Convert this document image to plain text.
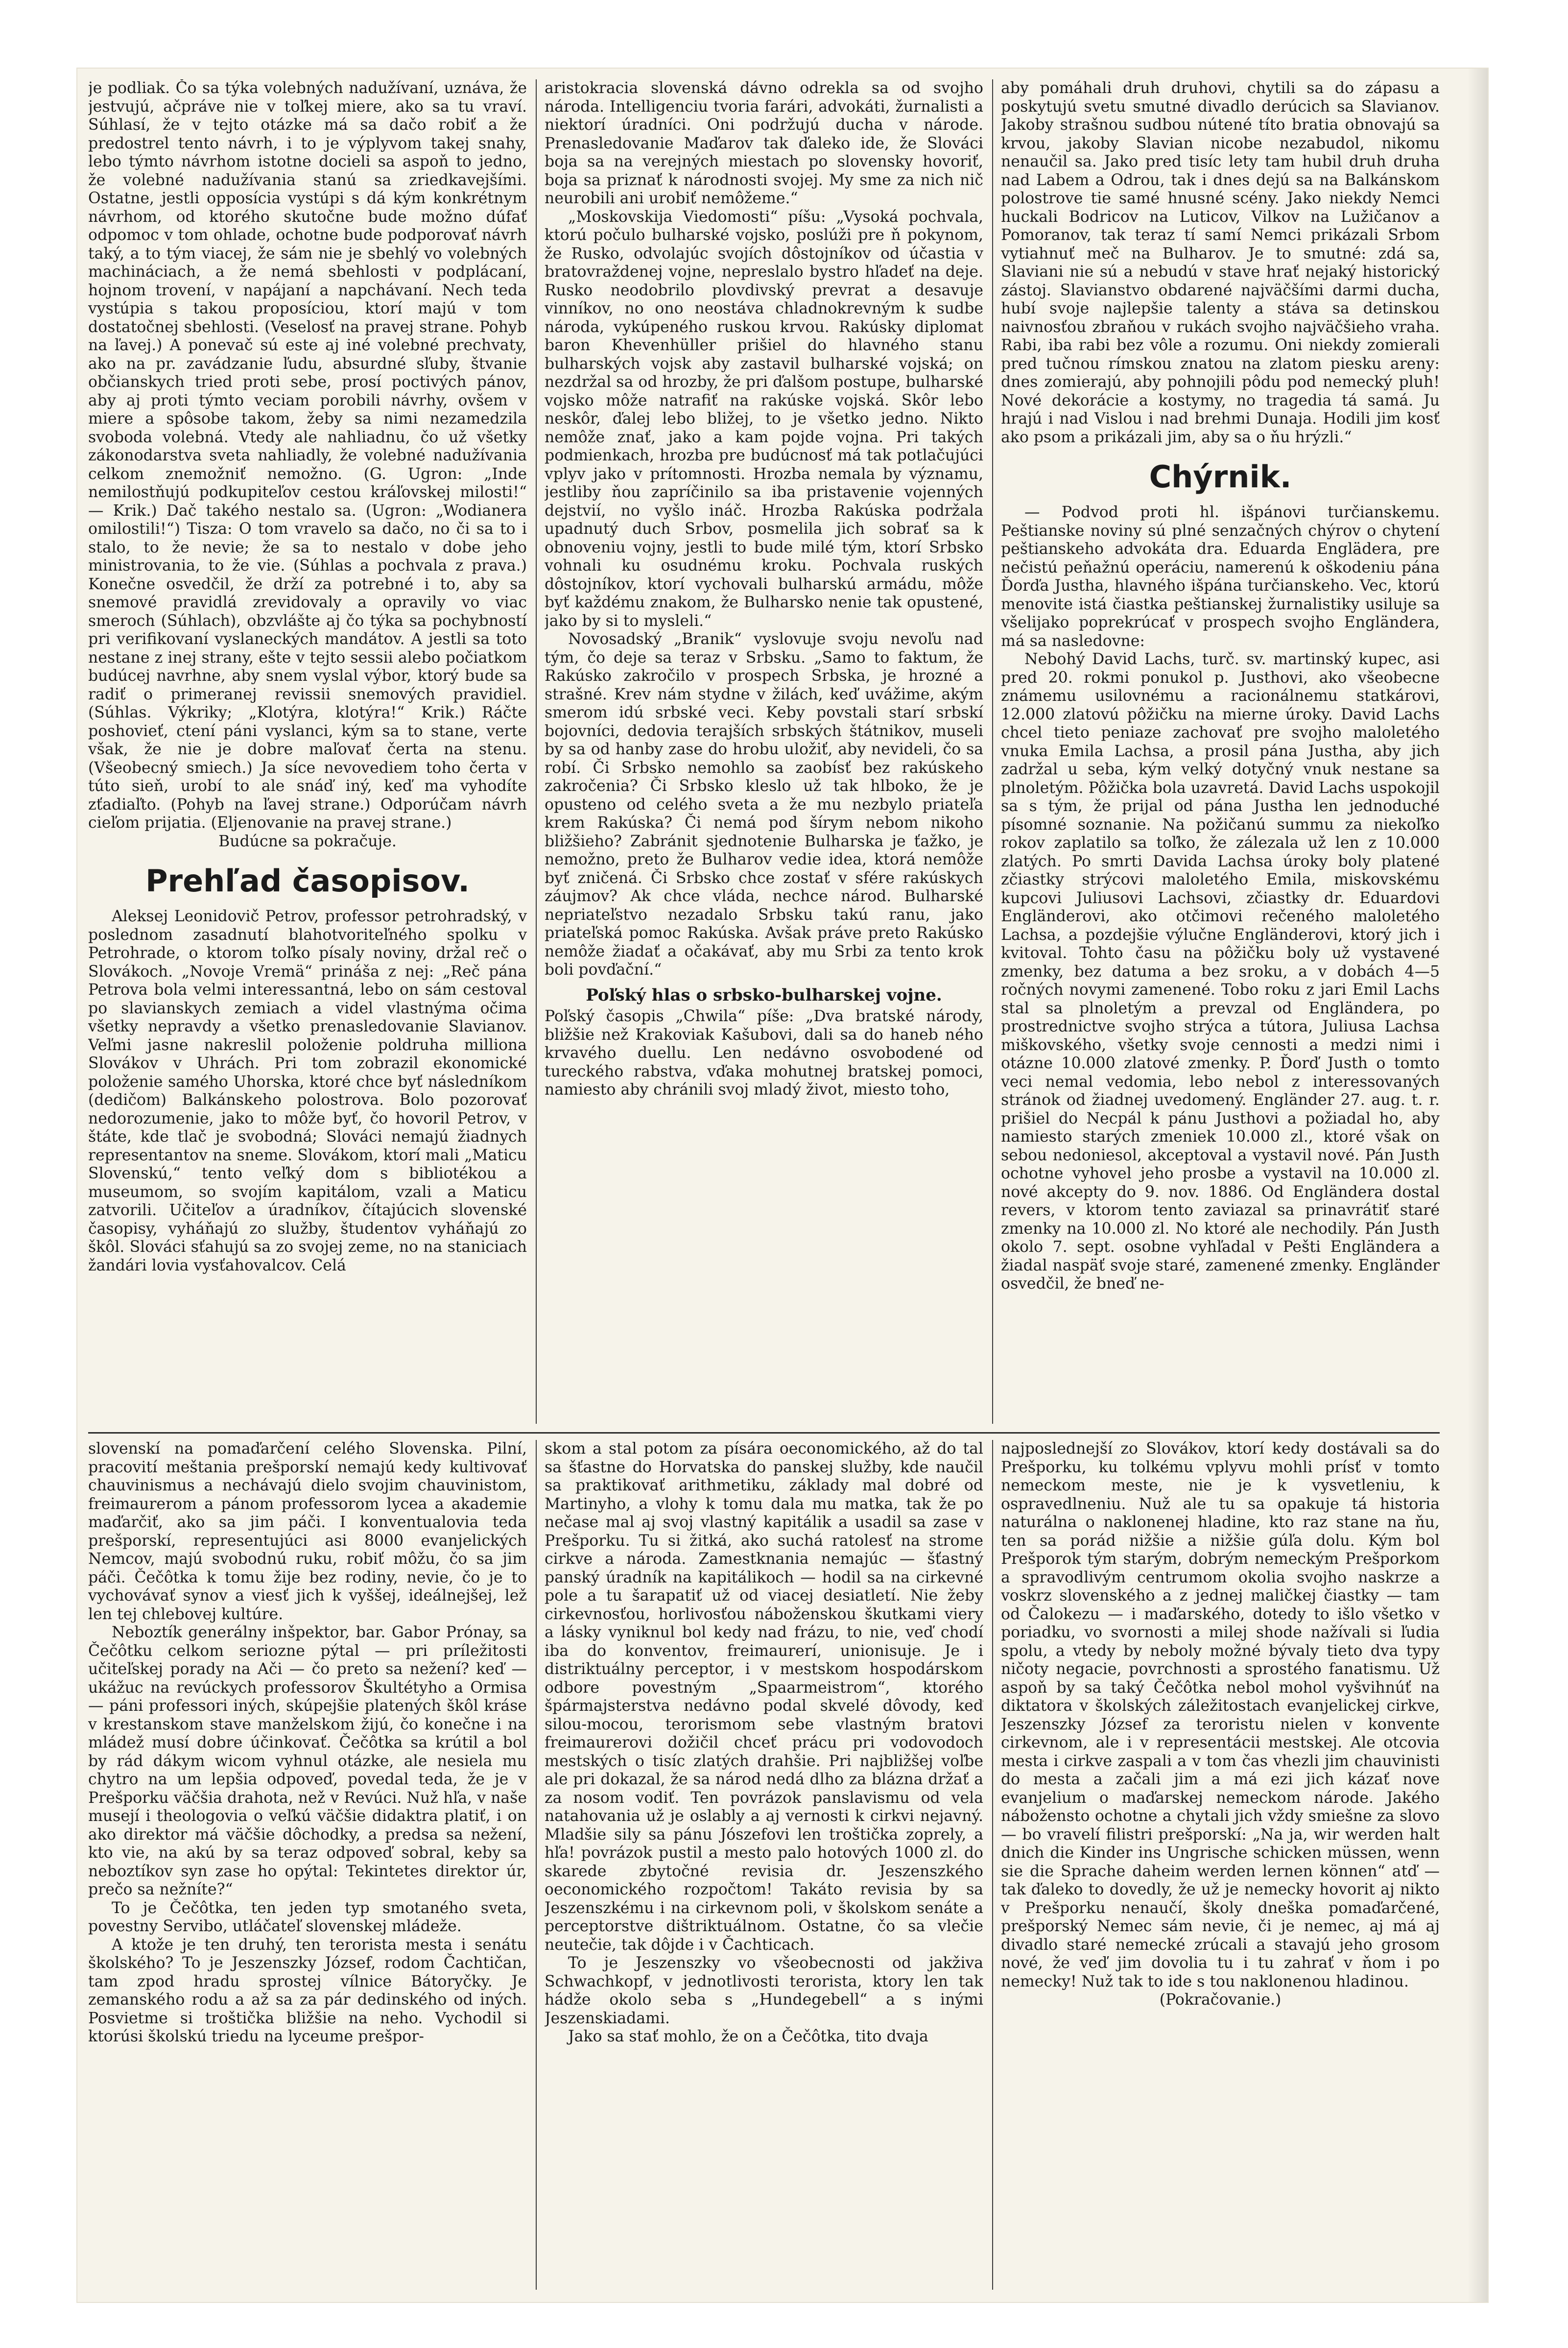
je podliak. Čo sa týka volebných nadužívaní, uznáva, že jestvujú, ačpráve nie v toľkej miere, ako sa tu vraví. Súhlasí, že v tejto otázke má sa dačo robiť a že predostrel tento návrh, i to je výplyvom takej snahy, lebo týmto návrhom istotne docieli sa aspoň to jedno, že volebné nadužívania stanú sa zriedkavejšími. Ostatne, jestli opposícia vystúpi s dá kým konkrétnym návrhom, od ktorého skutočne bude možno dúfať odpomoc v tom ohlade, ochotne bude podporovať návrh taký, a to tým viacej, že sám nie je sbehlý vo volebných machináciach, a že nemá sbehlosti v podplácaní, hojnom trovení, v napájaní a napchávaní. Nech teda vystúpia s takou proposíciou, ktorí majú v tom dostatočnej sbehlosti. (Veselosť na pravej strane. Pohyb na ľavej.) A ponevač sú este aj iné volebné prechvaty, ako na pr. zavádzanie ľudu, absurdné sľuby, štvanie občianskych tried proti sebe, prosí poctivých pánov, aby aj proti týmto veciam porobili návrhy, ovšem v miere a spôsobe takom, žeby sa nimi nezamedzila svoboda volebná. Vtedy ale nahliadnu, čo už všetky zákonodarstva sveta nahliadly, že volebné nadužívania celkom znemožniť nemožno. (G. Ugron: „Inde nemilostňujú podkupiteľov cestou kráľovskej milosti!“ — Krik.) Dač takého nestalo sa. (Ugron: „Wodianera omilostili!“) Tisza: O tom vravelo sa dačo, no či sa to i stalo, to že nevie; že sa to nestalo v dobe jeho ministrovania, to že vie. (Súhlas a pochvala z prava.) Konečne osvedčil, že drží za potrebné i to, aby sa snemové pravidlá zrevidovaly a opravily vo viac smeroch (Súhlach), obzvlášte aj čo týka sa pochybností pri verifikovaní vyslaneckých mandátov. A jestli sa toto nestane z inej strany, ešte v tejto sessii alebo počiatkom budúcej navrhne, aby snem vyslal výbor, ktorý bude sa radiť o primeranej revissii snemových pravidiel. (Súhlas. Výkriky; „Klotýra, klotýra!“ Krik.) Ráčte poshovieť, ctení páni vyslanci, kým sa to stane, verte však, že nie je dobre maľovať čerta na stenu. (Všeobecný smiech.) Ja síce nevovediem toho čerta v túto sieň, urobí to ale snáď iný, keď ma vyhodíte zťadiaľto. (Pohyb na ľavej strane.) Odporúčam návrh cieľom prijatia. (Eljenovanie na pravej strane.)

Budúcne sa pokračuje.

Prehľad časopisov.

Aleksej Leonidovič Petrov, professor petrohradský, v poslednom zasadnutí blahotvoriteľného spolku v Petrohrade, o ktorom toľko písaly noviny, držal reč o Slovákoch. „Novoje Vremä“ prináša z nej: „Reč pána Petrova bola velmi interessantná, lebo on sám cestoval po slavianskych zemiach a videl vlastnýma očima všetky nepravdy a všetko prenasledovanie Slavianov. Veľmi jasne nakreslil položenie poldruha milliona Slovákov v Uhrách. Pri tom zobrazil ekonomické položenie samého Uhorska, ktoré chce byť následníkom (dedičom) Balkánskeho polostrova. Bolo pozorovať nedorozumenie, jako to môže byť, čo hovoril Petrov, v štáte, kde tlač je svobodná; Slováci nemajú žiadnych representantov na sneme. Slovákom, ktorí mali „Maticu Slovenskú,“ tento veľký dom s bibliotékou a museumom, so svojím kapitálom, vzali a Maticu zatvorili. Učiteľov a úradníkov, čítajúcich slovenské časopisy, vyháňajú zo služby, študentov vyháňajú zo škôl. Slováci sťahujú sa zo svojej zeme, no na staniciach žandári lovia vysťahovalcov. Celá

aristokracia slovenská dávno odrekla sa od svojho národa. Intelligenciu tvoria farári, advokáti, žurnalisti a niektorí úradníci. Oni podržujú ducha v národe. Prenasledovanie Maďarov tak ďaleko ide, že Slováci boja sa na verejných miestach po slovensky hovoriť, boja sa priznať k národnosti svojej. My sme za nich nič neurobili ani urobiť nemôžeme.“

„Moskovskija Viedomosti“ píšu: „Vysoká pochvala, ktorú počulo bulharské vojsko, poslúži pre ň pokynom, že Rusko, odvolajúc svojích dôstojníkov od účastia v bratovraždenej vojne, nepreslalo bystro hľadeť na deje. Rusko neodobrilo plovdivský prevrat a desavuje vinníkov, no ono neostáva chladnokrevným k sudbe národa, vykúpeného ruskou krvou. Rakúsky diplomat baron Khevenhüller prišiel do hlavného stanu bulharských vojsk aby zastavil bulharské vojská; on nezdržal sa od hrozby, že pri ďalšom postupe, bulharské vojsko môže natrafiť na rakúske vojská. Skôr lebo neskôr, ďalej lebo bližej, to je všetko jedno. Nikto nemôže znať, jako a kam pojde vojna. Pri takých podmienkach, hrozba pre budúcnosť má tak potlačujúci vplyv jako v prítomnosti. Hrozba nemala by významu, jestliby ňou zapríčinilo sa iba pristavenie vojenných dejstvií, no vyšlo ináč. Hrozba Rakúska podržala upadnutý duch Srbov, posmelila jich sobrať sa k obnoveniu vojny, jestli to bude milé tým, ktorí Srbsko vohnali ku osudnému kroku. Pochvala ruských dôstojníkov, ktorí vychovali bulharskú armádu, môže byť každému znakom, že Bulharsko nenie tak opustené, jako by si to mysleli.“

Novosadský „Branik“ vyslovuje svoju nevoľu nad tým, čo deje sa teraz v Srbsku. „Samo to faktum, že Rakúsko zakročilo v prospech Srbska, je hrozné a strašné. Krev nám stydne v žilách, keď uvážime, akým smerom idú srbské veci. Keby povstali starí srbskí bojovníci, dedovia terajších srbských štátnikov, museli by sa od hanby zase do hrobu uložiť, aby nevideli, čo sa robí. Či Srbsko nemohlo sa zaobísť bez rakúskeho zakročenia? Či Srbsko kleslo už tak hlboko, že je opusteno od celého sveta a že mu nezbylo priateľa krem Rakúska? Či nemá pod šírym nebom nikoho bližšieho? Zabránit sjednotenie Bulharska je ťažko, je nemožno, preto že Bulharov vedie idea, ktorá nemôže byť zničená. Či Srbsko chce zostať v sfére rakúskych záujmov? Ak chce vláda, nechce národ. Bulharské nepriateľstvo nezadalo Srbsku takú ranu, jako priateľská pomoc Rakúska. Avšak práve preto Rakúsko nemôže žiadať a očakávať, aby mu Srbi za tento krok boli povďační.“

Poľský hlas o srbsko-bulharskej vojne.

Poľský časopis „Chwila“ píše: „Dva bratské národy, bližšie než Krakoviak Kašubovi, dali sa do haneb ného krvavého duellu. Len nedávno osvobodené od tureckého rabstva, vďaka mohutnej bratskej pomoci, namiesto aby chránili svoj mladý život, miesto toho,

aby pomáhali druh druhovi, chytili sa do zápasu a poskytujú svetu smutné divadlo derúcich sa Slavianov. Jakoby strašnou sudbou nútené títo bratia obnovajú sa krvou, jakoby Slavian nicobe nezabudol, nikomu nenaučil sa. Jako pred tisíc lety tam hubil druh druha nad Labem a Odrou, tak i dnes dejú sa na Balkánskom polostrove tie samé hnusné scény. Jako niekdy Nemci huckali Bodricov na Luticov, Vilkov na Lužičanov a Pomoranov, tak teraz tí samí Nemci prikázali Srbom vytiahnuť meč na Bulharov. Je to smutné: zdá sa, Slaviani nie sú a nebudú v stave hrať nejaký historický zástoj. Slavianstvo obdarené najväčšími darmi ducha, hubí svoje najlepšie talenty a stáva sa detinskou naivnosťou zbraňou v rukách svojho najväčšieho vraha. Rabi, iba rabi bez vôle a rozumu. Oni niekdy zomierali pred tučnou rímskou znatou na zlatom piesku areny: dnes zomierajú, aby pohnojili pôdu pod nemecký pluh! Nové dekorácie a kostymy, no tragedia tá samá. Ju hrajú i nad Vislou i nad brehmi Dunaja. Hodili jim kosť ako psom a prikázali jim, aby sa o ňu hrýzli.“

Chýrnik.

— Podvod proti hl. išpánovi turčianskemu. Peštianske noviny sú plné senzačných chýrov o chytení peštianskeho advokáta dra. Eduarda Englädera, pre nečistú peňažnú operáciu, namerenú k oškodeniu pána Ďorďa Justha, hlavného išpána turčianskeho. Vec, ktorú menovite istá čiastka peštianskej žurnalistiky usiluje sa všelijako poprekrúcať v prospech svojho Engländera, má sa nasledovne:

Nebohý David Lachs, turč. sv. martinský kupec, asi pred 20. rokmi ponukol p. Justhovi, ako všeobecne známemu usilovnému a racionálnemu statkárovi, 12.000 zlatovú pôžičku na mierne úroky. David Lachs chcel tieto peniaze zachovať pre svojho maloletého vnuka Emila Lachsa, a prosil pána Justha, aby jich zadržal u seba, kým velký dotyčný vnuk nestane sa plnoletým. Pôžička bola uzavretá. David Lachs uspokojil sa s tým, že prijal od pána Justha len jednoduché písomné soznanie. Na požičanú summu za niekoľko rokov zaplatilo sa toľko, že zálezala už len z 10.000 zlatých. Po smrti Davida Lachsa úroky boly platené zčiastky strýcovi maloletého Emila, miskovskému kupcovi Juliusovi Lachsovi, zčiastky dr. Eduardovi Engländerovi, ako otčimovi rečeného maloletého Lachsa, a pozdejšie výlučne Engländerovi, ktorý jich i kvitoval. Tohto času na pôžičku boly už vystavené zmenky, bez datuma a bez sroku, a v dobách 4—5 ročných novymi zamenené. Tobo roku z jari Emil Lachs stal sa plnoletým a prevzal od Engländera, po prostrednictve svojho strýca a tútora, Juliusa Lachsa miškovského, všetky svoje cennosti a medzi nimi i otázne 10.000 zlatové zmenky. P. Ďorď Justh o tomto veci nemal vedomia, lebo nebol z interessovaných stránok od žiadnej uvedomený. Engländer 27. aug. t. r. prišiel do Necpál k pánu Justhovi a požiadal ho, aby namiesto starých zmeniek 10.000 zl., ktoré však on sebou nedoniesol, akceptoval a vystavil nové. Pán Justh ochotne vyhovel jeho prosbe a vystavil na 10.000 zl. nové akcepty do 9. nov. 1886. Od Engländera dostal revers, v ktorom tento zaviazal sa prinavrátiť staré zmenky na 10.000 zl. No ktoré ale nechodily. Pán Justh okolo 7. sept. osobne vyhľadal v Pešti Engländera a žiadal naspäť svoje staré, zamenené zmenky. Engländer osvedčil, že bneď ne-

slovenskí na pomaďarčení celého Slovenska. Pilní, pracovití meštania prešporskí nemajú kedy kultivovať chauvinismus a nechávajú dielo svojim chauvinistom, freimaurerom a pánom professorom lycea a akademie maďarčiť, ako sa jim páči. I konventualovia teda prešporskí, representujúci asi 8000 evanjelických Nemcov, majú svobodnú ruku, robiť môžu, čo sa jim páči. Čečôtka k tomu žije bez rodiny, nevie, čo je to vychovávať synov a viesť jich k vyššej, ideálnejšej, lež len tej chlebovej kultúre.

Neboztík generálny inšpektor, bar. Gabor Prónay, sa Čečôtku celkom seriozne pýtal — pri príležitosti učiteľskej porady na Ači — čo preto sa nežení? keď — ukážuc na revúckych professorov Škultétyho a Ormisa — páni professori iných, skúpejšie platených škôl kráse v krestanskom stave manželskom žijú, čo konečne i na mládež musí dobre účinkovať. Čečôtka sa krútil a bol by rád dákym wicom vyhnul otázke, ale nesiela mu chytro na um lepšia odpoveď, povedal teda, že je v Prešporku väčšia drahota, než v Revúci. Nuž hľa, v naše musejí i theologovia o veľkú väčšie didaktra platiť, i on ako direktor má väčšie dôchodky, a predsa sa nežení, kto vie, na akú by sa teraz odpoveď sobral, keby sa neboztíkov syn zase ho opýtal: Tekintetes direktor úr, prečo sa nežníte?“

To je Čečôtka, ten jeden typ smotaného sveta, povestny Servibo, utláčateľ slovenskej mládeže.

A ktože je ten druhý, ten terorista mesta i senátu školského? To je Jeszenszky József, rodom Čachtičan, tam zpod hradu sprostej vílnice Bátoryčky. Je zemanského rodu a až sa za pár dedinského od iných. Posvietme si troštičkа bližšie na neho. Vychodil si ktorúsi školskú triedu na lyceume prešpor-

skom a stal potom za písára oeconomického, až do tal sa šťastne do Horvatska do panskej služby, kde naučil sa praktikovať arithmetiku, základy mal dobré od Martinyho, a vlohy k tomu dala mu matka, tak že po nečase mal aj svoj vlastný kapitálik a usadil sa zase v Prešporku. Tu si žitká, ako suchá ratolesť na strome cirkve a národa. Zamestknania nemajúc — šťastný panský úradník na kapitálikoch — hodil sa na cirkevné pole a tu šarapatiť už od viacej desiatletí. Nie žeby cirkevnosťou, horlivosťou náboženskou škutkami viery a lásky vyniknul bol kedy nad frázu, to nie, veď chodí iba do konventov, freimaurerí, unionisuje. Je i distriktuálny perceptor, i v mestskom hospodárskom odbore povestným „Spaarmeistrom“, ktorého špármajsterstva nedávno podal skvelé dôvody, keď silou-mocou, terorismom sebe vlastným bratovi freimaurerovi dožičil chceť prácu pri vodovodoch mestských o tisíc zlatých drahšie. Pri najbližšej voľbe ale pri dokazal, že sa národ nedá dlho za blázna držať a za nosom vodiť. Ten povrázok panslavismu od vela natahovania už je oslably a aj vernosti k cirkvi nejavný. Mladšie sily sa pánu Jószefovi len troštička zoprely, a hľa! povrázok pustil a mesto palo hotových 1000 zl. do skarede zbytočné revisia dr. Jeszenszkého oeconomického rozpočtom! Takáto revisia by sa Jeszenszkému i na cirkevnom poli, v školskom senáte a perceptorstve dištriktuálnom. Ostatne, čo sa vlečie neutečie, tak dôjde i v Čachticach.

To je Jeszenszky vo všeobecnosti od jakživa Schwachkopf, v jednotlivosti terorista, ktory len tak hádže okolo seba s „Hundegebell“ a s inými Jeszenskiadami.

Jako sa stať mohlo, že on a Čečôtka, tito dvaja

najposlednejší zo Slovákov, ktorí kedy dostávali sa do Prešporku, ku tolkému vplyvu mohli prísť v tomto nemeckom meste, nie je k vysvetleniu, k ospravedlneniu. Nuž ale tu sa opakuje tá historia naturálna o naklonenej hladine, kto raz stane na ňu, ten sa porád nižšie a nižšie gúľa dolu. Kým bol Prešporok tým starým, dobrým nemeckým Prešporkom a spravodlivým centrumom okolia svojho naskrze a voskrz slovenského a z jednej maličkej čiastky — tam od Čalokezu — i maďarského, dotedy to išlo všetko v poriadku, vo svornosti a milej shode nažívali si ľudia spolu, a vtedy by neboly možné bývaly tieto dva typy ničoty negacie, povrchnosti a sprostého fanatismu. Už aspoň by sa taký Čečôtka nebol mohol vyšvihnúť na diktatora v školských záležitostach evanjelickej cirkve, Jeszenszky József za teroristu nielen v konvente cirkevnom, ale i v representácii mestskej. Ale otcovia mesta i cirkve zaspali a v tom čas vhezli jim chauvinisti do mesta a začali jim a má ezi jich kázať nove evanjelium o maďarskej nemeckom národe. Jakého nábožensto ochotne a chytali jich vždy smiešne za slovo — bo vravelí filistri prešporskí: „Na ja, wir werden halt dnich die Kinder ins Ungrische schicken müssen, wenn sie die Sprache daheim werden lernen können“ atď — tak ďaleko to dovedly, že už je nemecky hovorit aj nikto v Prešporku nenaučí, školy dneška pomaďarčené, prešporský Nemec sám nevie, či je nemec, aj má aj divadlo staré nemecké zrúcali a stavajú jeho grosom nové, že veď jim dovolia tu i tu zahrať v ňom i po nemecky! Nuž tak to ide s tou naklonenou hladinou.

(Pokračovanie.)
